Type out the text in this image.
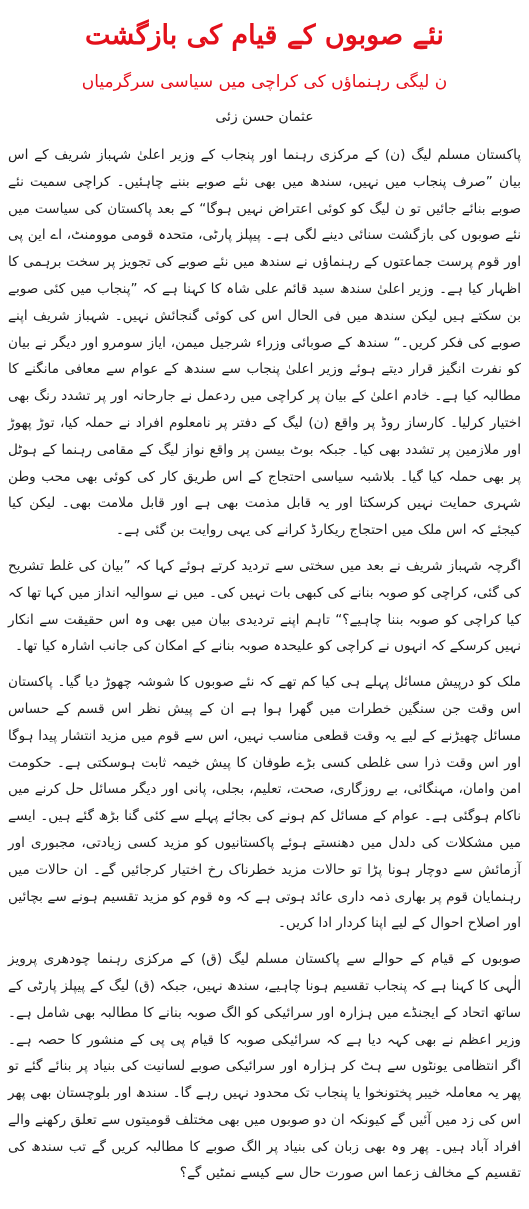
نئے صوبوں کے قیام کی بازگشت
ن لیگی رہنماؤں کی کراچی میں سیاسی سرگرمیاں
عثمان حسن زئی

پاکستان مسلم لیگ (ن) کے مرکزی رہنما اور پنجاب کے وزیر اعلیٰ شہباز شریف کے اس بیان ”صرف پنجاب میں نہیں، سندھ میں بھی نئے صوبے بننے چاہئیں۔ کراچی سمیت نئے صوبے بنائے جائیں تو ن لیگ کو کوئی اعتراض نہیں ہوگا“ کے بعد پاکستان کی سیاست میں نئے صوبوں کی بازگشت سنائی دینے لگی ہے۔ پیپلز پارٹی، متحدہ قومی موومنٹ، اے این پی اور قوم پرست جماعتوں کے رہنماؤں نے سندھ میں نئے صوبے کی تجویز پر سخت برہمی کا اظہار کیا ہے۔ وزیر اعلیٰ سندھ سید قائم علی شاہ کا کہنا ہے کہ ”پنجاب میں کئی صوبے بن سکتے ہیں لیکن سندھ میں فی الحال اس کی کوئی گنجائش نہیں۔ شہباز شریف اپنے صوبے کی فکر کریں۔“ سندھ کے صوبائی وزراء شرجیل میمن، ایاز سومرو اور دیگر نے بیان کو نفرت انگیز قرار دیتے ہوئے وزیر اعلیٰ پنجاب سے سندھ کے عوام سے معافی مانگنے کا مطالبہ کیا ہے۔ خادم اعلیٰ کے بیان پر کراچی میں ردعمل نے جارحانہ اور پر تشدد رنگ بھی اختیار کرلیا۔ کارساز روڈ پر واقع (ن) لیگ کے دفتر پر نامعلوم افراد نے حملہ کیا، توڑ پھوڑ اور ملازمین پر تشدد بھی کیا۔ جبکہ بوٹ بیسن پر واقع نواز لیگ کے مقامی رہنما کے ہوٹل پر بھی حملہ کیا گیا۔ بلاشبہ سیاسی احتجاج کے اس طریق کار کی کوئی بھی محب وطن شہری حمایت نہیں کرسکتا اور یہ قابل مذمت بھی ہے اور قابل ملامت بھی۔ لیکن کیا کیجئے کہ اس ملک میں احتجاج ریکارڈ کرانے کی یہی روایت بن گئی ہے۔

اگرچہ شہباز شریف نے بعد میں سختی سے تردید کرتے ہوئے کہا کہ ”بیان کی غلط تشریح کی گئی، کراچی کو صوبہ بنانے کی کبھی بات نہیں کی۔ میں نے سوالیہ انداز میں کہا تھا کہ کیا کراچی کو صوبہ بننا چاہیے؟“ تاہم اپنے تردیدی بیان میں بھی وہ اس حقیقت سے انکار نہیں کرسکے کہ انہوں نے کراچی کو علیحدہ صوبہ بنانے کے امکان کی جانب اشارہ کیا تھا۔

ملک کو درپیش مسائل پہلے ہی کیا کم تھے کہ نئے صوبوں کا شوشہ چھوڑ دیا گیا۔ پاکستان اس وقت جن سنگین خطرات میں گھرا ہوا ہے ان کے پیش نظر اس قسم کے حساس مسائل چھیڑنے کے لیے یہ وقت قطعی مناسب نہیں، اس سے قوم میں مزید انتشار پیدا ہوگا اور اس وقت ذرا سی غلطی کسی بڑے طوفان کا پیش خیمہ ثابت ہوسکتی ہے۔ حکومت امن وامان، مہنگائی، بے روزگاری، صحت، تعلیم، بجلی، پانی اور دیگر مسائل حل کرنے میں ناکام ہوگئی ہے۔ عوام کے مسائل کم ہونے کی بجائے پہلے سے کئی گنا بڑھ گئے ہیں۔ ایسے میں مشکلات کی دلدل میں دھنستے ہوئے پاکستانیوں کو مزید کسی زیادتی، مجبوری اور آزمائش سے دوچار ہونا پڑا تو حالات مزید خطرناک رخ اختیار کرجائیں گے۔ ان حالات میں رہنمایان قوم پر بھاری ذمہ داری عائد ہوتی ہے کہ وہ قوم کو مزید تقسیم ہونے سے بچائیں اور اصلاح احوال کے لیے اپنا کردار ادا کریں۔

صوبوں کے قیام کے حوالے سے پاکستان مسلم لیگ (ق) کے مرکزی رہنما چودھری پرویز الٰہی کا کہنا ہے کہ پنجاب تقسیم ہونا چاہیے، سندھ نہیں، جبکہ (ق) لیگ کے پیپلز پارٹی کے ساتھ اتحاد کے ایجنڈے میں ہزارہ اور سرائیکی کو الگ صوبہ بنانے کا مطالبہ بھی شامل ہے۔ وزیر اعظم نے بھی کہہ دیا ہے کہ سرائیکی صوبہ کا قیام پی پی کے منشور کا حصہ ہے۔ اگر انتظامی یونٹوں سے ہٹ کر ہزارہ اور سرائیکی صوبے لسانیت کی بنیاد پر بنائے گئے تو پھر یہ معاملہ خیبر پختونخوا یا پنجاب تک محدود نہیں رہے گا۔ سندھ اور بلوچستان بھی پھر اس کی زد میں آئیں گے کیونکہ ان دو صوبوں میں بھی مختلف قومیتوں سے تعلق رکھنے والے افراد آباد ہیں۔ پھر وہ بھی زبان کی بنیاد پر الگ صوبے کا مطالبہ کریں گے تب سندھ کی تقسیم کے مخالف زعما اس صورت حال سے کیسے نمٹیں گے؟
